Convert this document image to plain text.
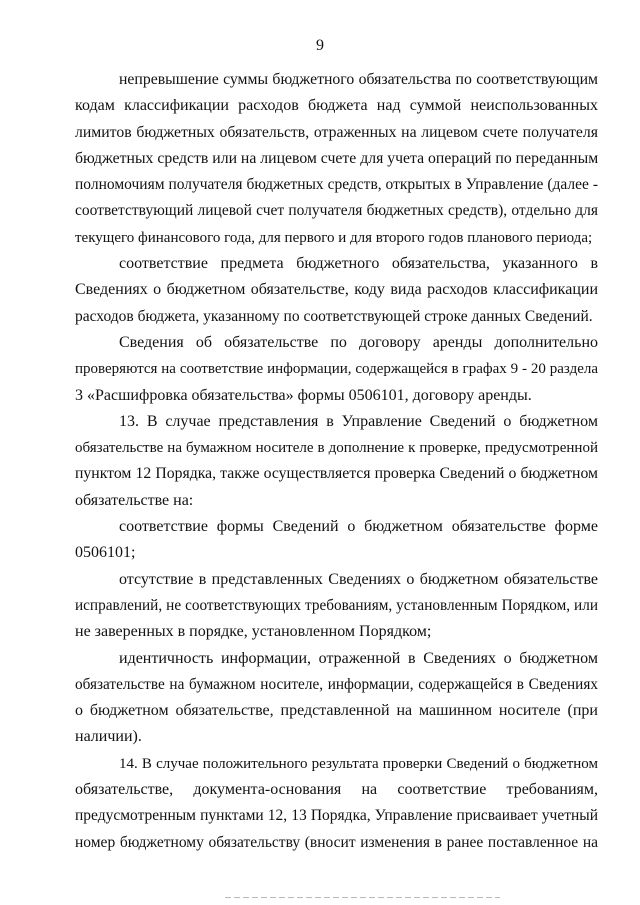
9
непревышение суммы бюджетного обязательства по соответствующим
кодам классификации расходов бюджета над суммой неиспользованных
лимитов бюджетных обязательств, отраженных на лицевом счете получателя
бюджетных средств или на лицевом счете для учета операций по переданным
полномочиям получателя бюджетных средств, открытых в Управление (далее -
соответствующий лицевой счет получателя бюджетных средств), отдельно для
текущего финансового года, для первого и для второго годов планового периода;
соответствие предмета бюджетного обязательства, указанного в
Сведениях о бюджетном обязательстве, коду вида расходов классификации
расходов бюджета, указанному по соответствующей строке данных Сведений.
Сведения об обязательстве по договору аренды дополнительно
проверяются на соответствие информации, содержащейся в графах 9 - 20 раздела
3 «Расшифровка обязательства» формы 0506101, договору аренды.
13. В случае представления в Управление Сведений о бюджетном
обязательстве на бумажном носителе в дополнение к проверке, предусмотренной
пунктом 12 Порядка, также осуществляется проверка Сведений о бюджетном
обязательстве на:
соответствие формы Сведений о бюджетном обязательстве форме
0506101;
отсутствие в представленных Сведениях о бюджетном обязательстве
исправлений, не соответствующих требованиям, установленным Порядком, или
не заверенных в порядке, установленном Порядком;
идентичность информации, отраженной в Сведениях о бюджетном
обязательстве на бумажном носителе, информации, содержащейся в Сведениях
о бюджетном обязательстве, представленной на машинном носителе (при
наличии).
14. В случае положительного результата проверки Сведений о бюджетном
обязательстве, документа-основания на соответствие требованиям,
предусмотренным пунктами 12, 13 Порядка, Управление присваивает учетный
номер бюджетному обязательству (вносит изменения в ранее поставленное на
